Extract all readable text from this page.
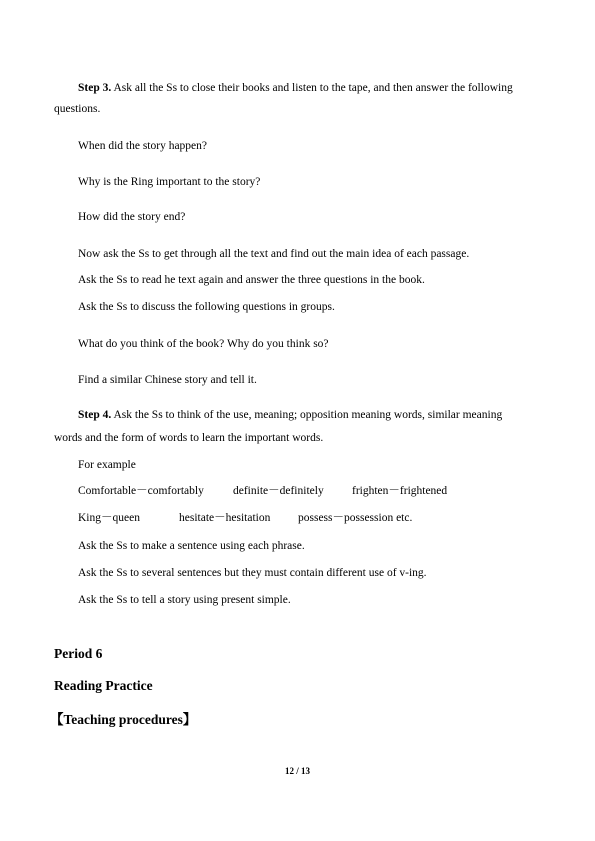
Step 3. Ask all the Ss to close their books and listen to the tape, and then answer the following
questions.
When did the story happen?
Why is the Ring important to the story?
How did the story end?
Now ask the Ss to get through all the text and find out the main idea of each passage.
Ask the Ss to read he text again and answer the three questions in the book.
Ask the Ss to discuss the following questions in groups.
What do you think of the book? Why do you think so?
Find a similar Chinese story and tell it.
Step 4. Ask the Ss to think of the use, meaning; opposition meaning words, similar meaning
words and the form of words to learn the important words.
For example
Comfortable－comfortably	definite－definitely frighten－frightened
King－queen	hesitate－hesitation possess－possession etc.
Ask the Ss to make a sentence using each phrase.
Ask the Ss to several sentences but they must contain different use of v-ing.
Ask the Ss to tell a story using present simple.
Period 6
Reading Practice
【Teaching procedures】
12 / 13
